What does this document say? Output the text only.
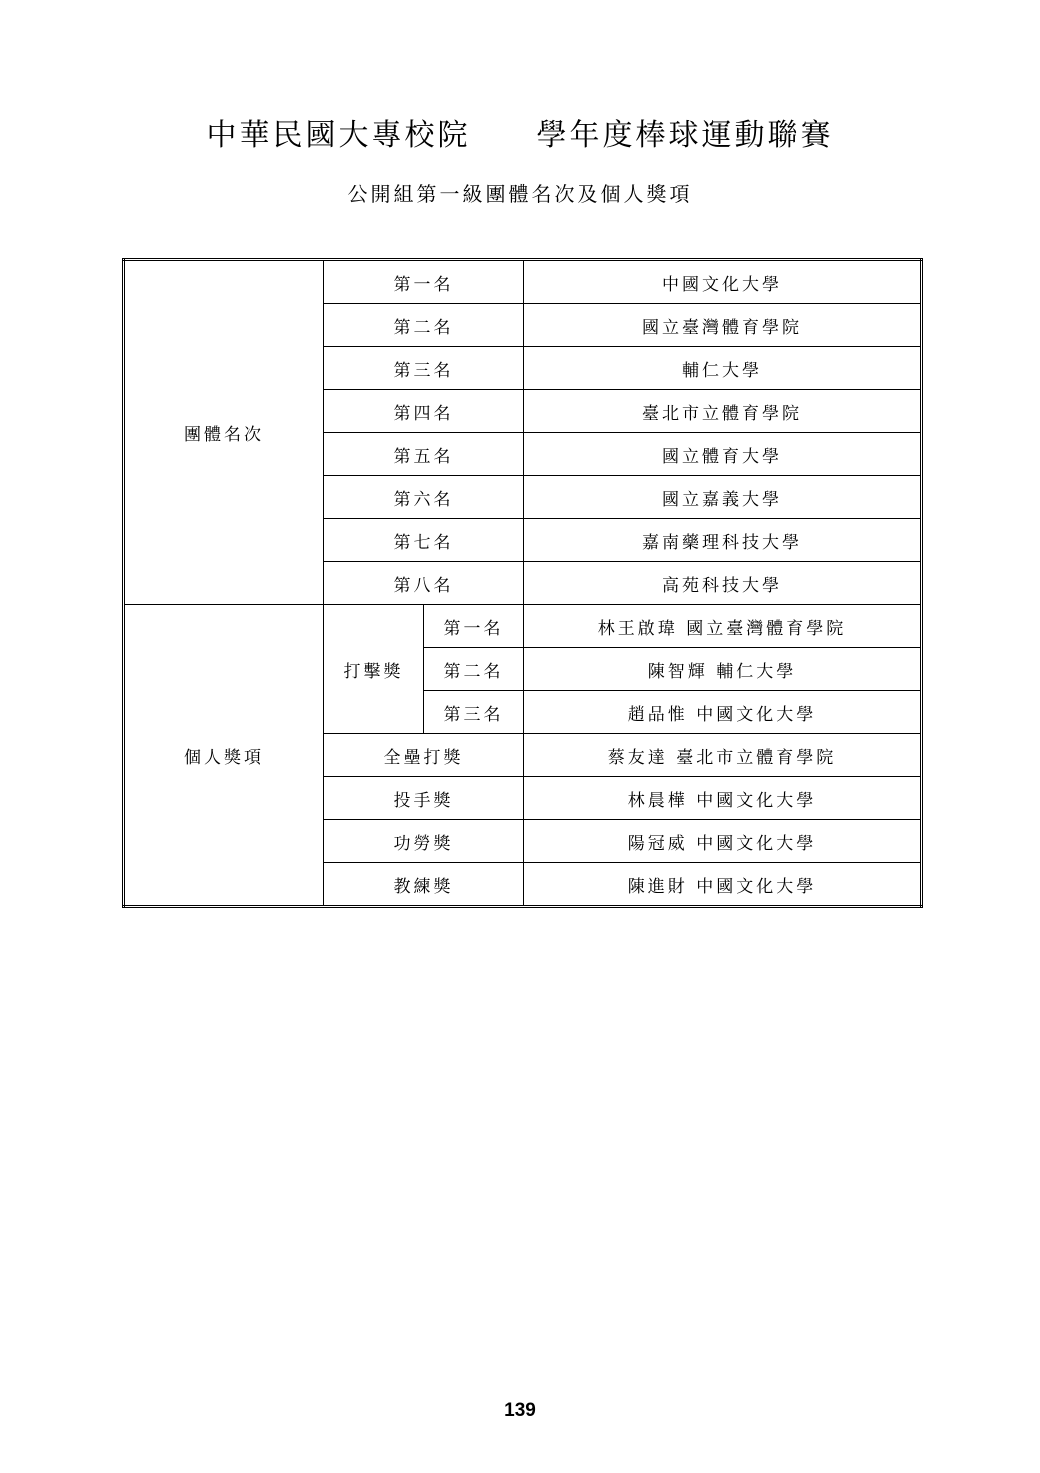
中華民國大專校院　　學年度棒球運動聯賽
公開組第一級團體名次及個人獎項
團體名次	第一名		中國文化大學
	第二名		國立臺灣體育學院
	第三名		輔仁大學
	第四名		臺北市立體育學院
	第五名		國立體育大學
	第六名		國立嘉義大學
	第七名		嘉南藥理科技大學
	第八名		高苑科技大學
個人獎項	打擊獎	第一名	林王啟瑋 國立臺灣體育學院
		第二名	陳智輝 輔仁大學
		第三名	趙品惟 中國文化大學
	全壘打獎		蔡友達 臺北市立體育學院
	投手獎		林晨樺 中國文化大學
	功勞獎		陽冠威 中國文化大學
	教練獎		陳進財 中國文化大學
139
